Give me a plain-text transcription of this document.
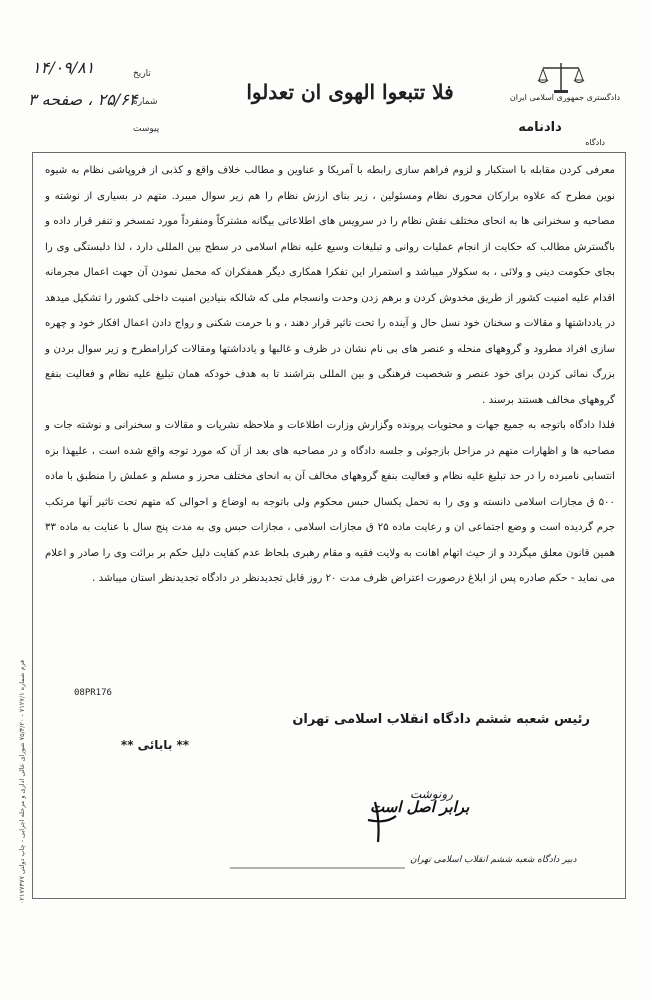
تاریخ
۱۴/۰۹/۸۱
شماره
۲۵/۶۴ ، صفحه ۳
پیوست
فلا تتبعوا الهوی ان تعدلوا	دادگستری جمهوری اسلامی ایران
دادنامه
دادگاه

معرفی کردن مقابله با استکبار و لزوم فراهم سازی رابطه با آمریکا و عناوین و مطالب خلاف واقع و کذبی از فروپاشی نظام به شیوه نوین مطرح که علاوه برارکان محوری نظام ومسئولین ، زیر بنای ارزش نظام را هم زیر سوال میبرد. متهم در بسیاری از نوشته و مصاحبه و سخنرانی ها به انحای مختلف نقش نظام را در سرویس های اطلاعاتی بیگانه مشترکاً ومنفرداً مورد تمسخر و تنفر قرار داده و باگسترش مطالب که حکایت از انجام عملیات روانی و تبلیغات وسیع علیه نظام اسلامی در سطح بین المللی دارد ، لذا دلبستگی وی را بجای حکومت دینی و ولائی ، به سکولار میباشد و استمرار این تفکرا همکاری دیگر همفکران که محمل نمودن آن جهت اعمال مجرمانه اقدام علیه امنیت کشور از طریق مخدوش کردن و برهم زدن وحدت وانسجام ملی که شالکه بنیادین امنیت داخلی کشور را تشکیل میدهد در یادداشتها و مقالات و سخنان خود نسل حال و آینده را تحت تاثیر قرار دهند ، و با حرمت شکنی و رواج دادن اعمال افکار خود و چهره سازی افراد مطرود و گروههای منحله و عنصر های بی نام نشان در ظرف و غالبها و یادداشتها ومقالات کرارامطرح و زیر سوال بردن و بزرگ نمائی کردن برای خود عنصر و شخصیت فرهنگی و بین المللی بتراشند تا به هدف خودکه همان تبلیغ علیه نظام و فعالیت بنفع گروههای مخالف هستند برسند .

فلذا دادگاه باتوجه به جمیع جهات و محتویات پرونده وگزارش وزارت اطلاعات و ملاحظه نشریات و مقالات و سخنرانی و نوشته جات و مصاحبه ها و اظهارات متهم در مراحل بازجوئی و جلسه دادگاه و در مصاحبه های بعد از آن که مورد توجه واقع شده است ، علیهذا بزه انتسابی نامبرده را در حد تبلیغ علیه نظام و فعالیت بنفع گروههای مخالف آن به انحای مختلف محرز و مسلم و عملش را منطبق با ماده ۵۰۰ ق مجازات اسلامی دانسته و وی را به تحمل یکسال حبس محکوم ولی باتوجه به اوضاع و احوالی که متهم تحت تاثیر آنها مرتکب جرم گردیده است و وضع اجتماعی ان و رعایت ماده ۲۵ ق مجازات اسلامی ، مجازات حبس وی به مدت پنج سال با عنایت به ماده ۳۳ همین قانون معلق میگردد و از حیث اتهام اهانت به ولایت فقیه و مقام رهبری بلحاظ عدم کفایت دلیل حکم بر برائت وی را صادر و اعلام می نماید - حکم صادره پس از ابلاغ درصورت اعتراض ظرف مدت ۲۰ روز قابل تجدیدنظر در دادگاه تجدیدنظر استان میباشد .

08PR176
رئیس شعبه ششم دادگاه انقلاب اسلامی تهران
** بابائی **
رونوشت
برابر اصل است
دبیر دادگاه شعبه ششم انقلاب اسلامی تهران
فرم شماره ۷۱۲۷/۱ - ۷۵/۳/۲۰ شورای عالی اداری و مرحله اجرایی - چاپ دولتی ۰۲۱۷۷۳۷۷
